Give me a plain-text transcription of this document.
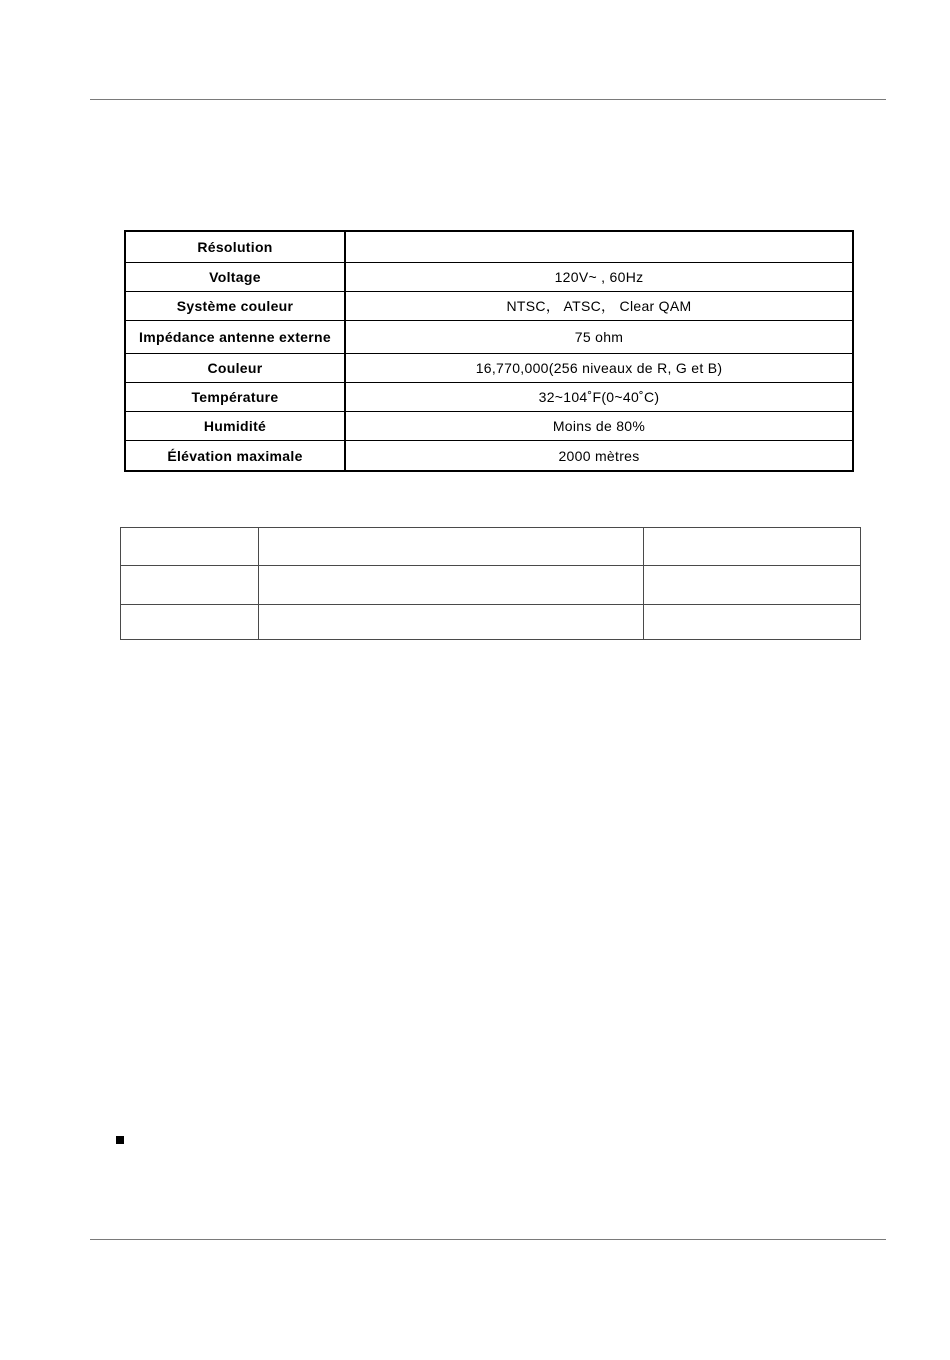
Résolution	
Voltage	120V~ , 60Hz
Système couleur	NTSC， ATSC， Clear QAM
Impédance antenne externe	75 ohm
Couleur	16,770,000(256 niveaux de R, G et B)
Température	32~104˚F(0~40˚C)
Humidité	Moins de 80%
Élévation maximale	2000 mètres
